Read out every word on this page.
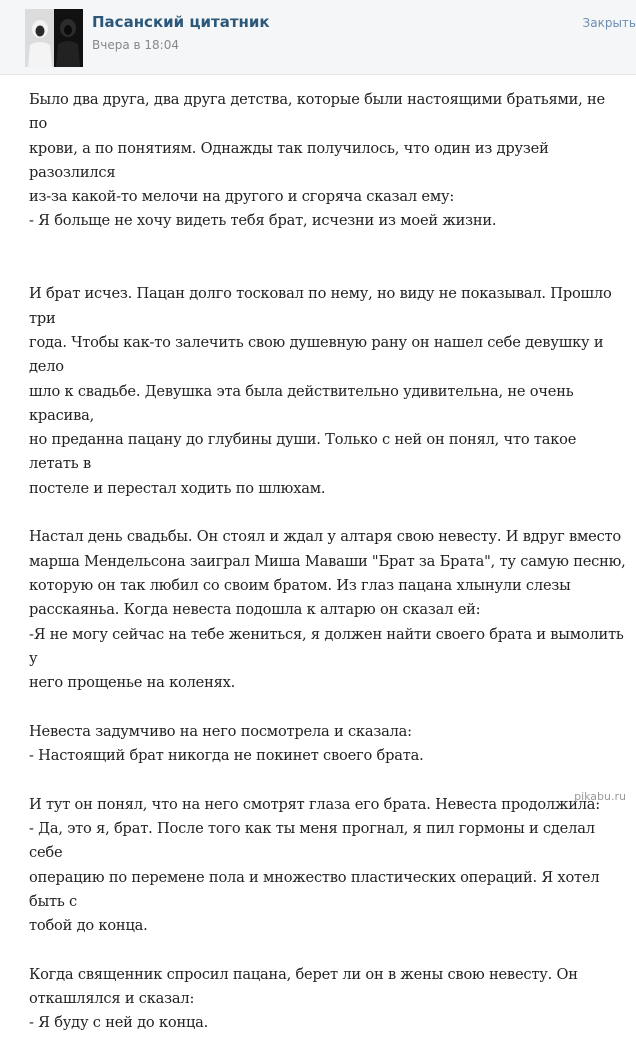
Пасанский цитатник
Вчера в 18:04
Закрыть

Было два друга, два друга детства, которые были настоящими братьями, не по
крови, а по понятиям. Однажды так получилось, что один из друзей разозлился
из-за какой-то мелочи на другого и сгоряча сказал ему:
- Я больще не хочу видеть тебя брат, исчезни из моей жизни.

И брат исчез. Пацан долго тосковал по нему, но виду не показывал. Прошло три
года. Чтобы как-то залечить свою душевную рану он нашел себе девушку и дело
шло к свадьбе. Девушка эта была действительно удивительна, не очень красива,
но преданна пацану до глубины души. Только с ней он понял, что такое летать в
постеле и перестал ходить по шлюхам.

Настал день свадьбы. Он стоял и ждал у алтаря свою невесту. И вдруг вместо
марша Мендельсона заиграл Миша Маваши "Брат за Брата", ту самую песню,
которую он так любил со своим братом. Из глаз пацана хлынули слезы
расскаяньа. Когда невеста подошла к алтарю он сказал ей:
-Я не могу сейчас на тебе жениться, я должен найти своего брата и вымолить у
него прощенье на коленях.

Невеста задумчиво на него посмотрела и сказала:
- Настоящий брат никогда не покинет своего брата.

И тут он понял, что на него смотрят глаза его брата. Невеста продолжила:
- Да, это я, брат. После того как ты меня прогнал, я пил гормоны и сделал себе
операцию по перемене пола и множество пластических операций. Я хотел быть с
тобой до конца.

Когда священник спросил пацана, берет ли он в жены свою невесту. Он
откашлялся и сказал:
- Я буду с ней до конца.

pikabu.ru
